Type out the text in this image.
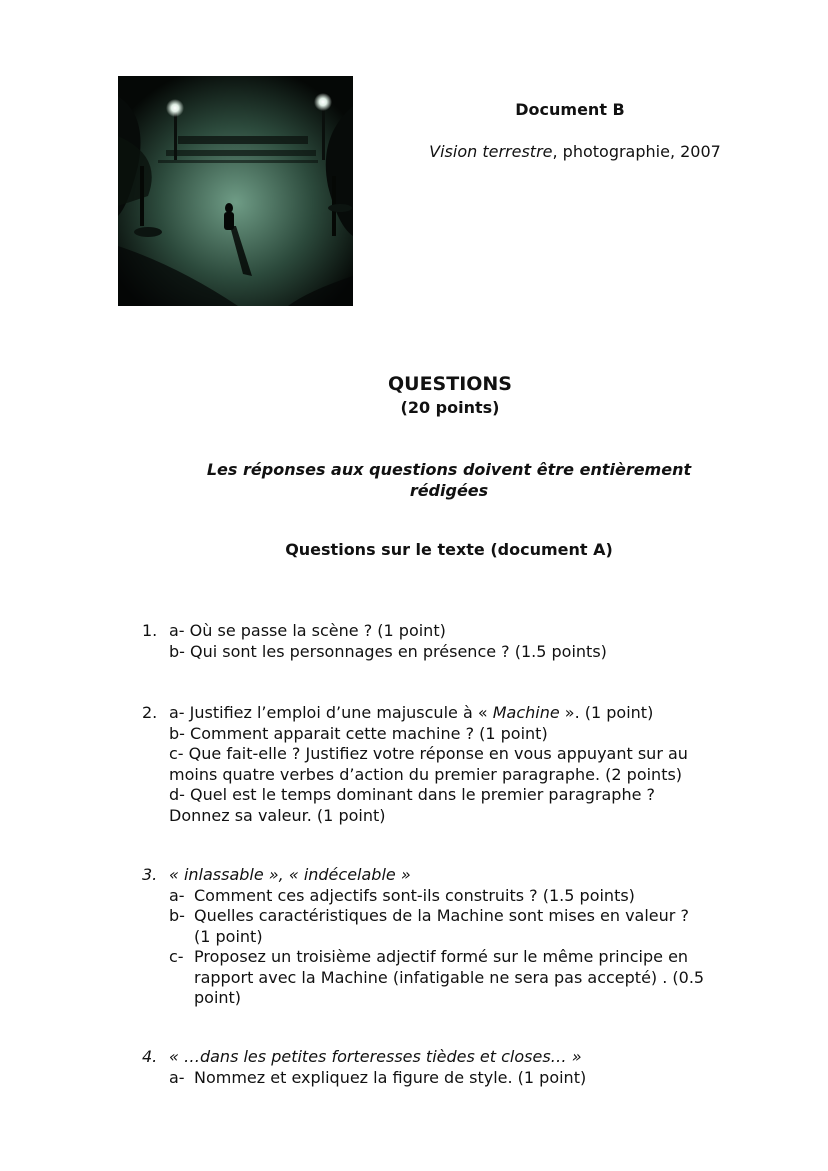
Document B
Vision terrestre, photographie, 2007
QUESTIONS
(20 points)
Les réponses aux questions doivent être entièrement
rédigées
Questions sur le texte (document A)
1. a- Où se passe la scène ? (1 point)
b- Qui sont les personnages en présence ? (1.5 points)
2. a- Justifiez l’emploi d’une majuscule à « Machine ». (1 point)
b- Comment apparait cette machine ? (1 point)
c- Que fait-elle ? Justifiez votre réponse en vous appuyant sur au
moins quatre verbes d’action du premier paragraphe. (2 points)
d- Quel est le temps dominant dans le premier paragraphe ?
Donnez sa valeur. (1 point)
3. « inlassable », « indécelable »
a- Comment ces adjectifs sont-ils construits ? (1.5 points)
b- Quelles caractéristiques de la Machine sont mises en valeur ?
(1 point)
c- Proposez un troisième adjectif formé sur le même principe en
rapport avec la Machine (infatigable ne sera pas accepté) . (0.5
point)
4. « …dans les petites forteresses tièdes et closes… »
a- Nommez et expliquez la figure de style. (1 point)
